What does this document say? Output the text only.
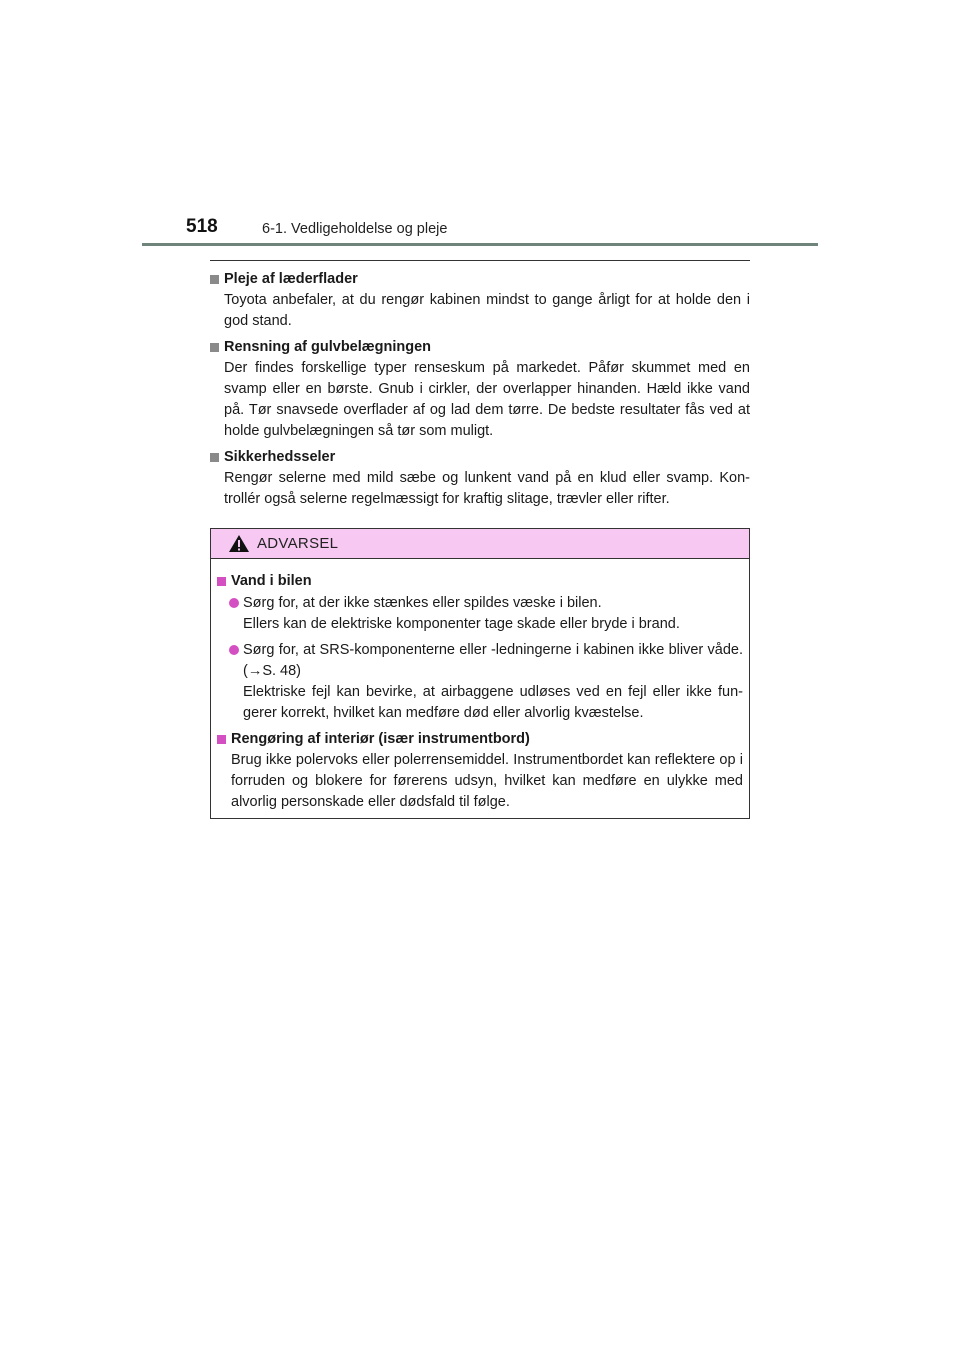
518	6-1. Vedligeholdelse og pleje
Pleje af læderflader
Toyota anbefaler, at du rengør kabinen mindst to gange årligt for at holde den i god stand.
Rensning af gulvbelægningen
Der findes forskellige typer renseskum på markedet. Påfør skummet med en svamp eller en børste. Gnub i cirkler, der overlapper hinanden. Hæld ikke vand på. Tør snavsede overflader af og lad dem tørre. De bedste resultater fås ved at holde gulvbelægningen så tør som muligt.
Sikkerhedsseler
Rengør selerne med mild sæbe og lunkent vand på en klud eller svamp. Kon-trollér også selerne regelmæssigt for kraftig slitage, trævler eller rifter.
ADVARSEL
Vand i bilen
Sørg for, at der ikke stænkes eller spildes væske i bilen.
Ellers kan de elektriske komponenter tage skade eller bryde i brand.
Sørg for, at SRS-komponenterne eller -ledningerne i kabinen ikke bliver våde. (→S. 48)
Elektriske fejl kan bevirke, at airbaggene udløses ved en fejl eller ikke fun-gerer korrekt, hvilket kan medføre død eller alvorlig kvæstelse.
Rengøring af interiør (især instrumentbord)
Brug ikke polervoks eller polerrensemiddel. Instrumentbordet kan reflektere op i forruden og blokere for førerens udsyn, hvilket kan medføre en ulykke med alvorlig personskade eller dødsfald til følge.
